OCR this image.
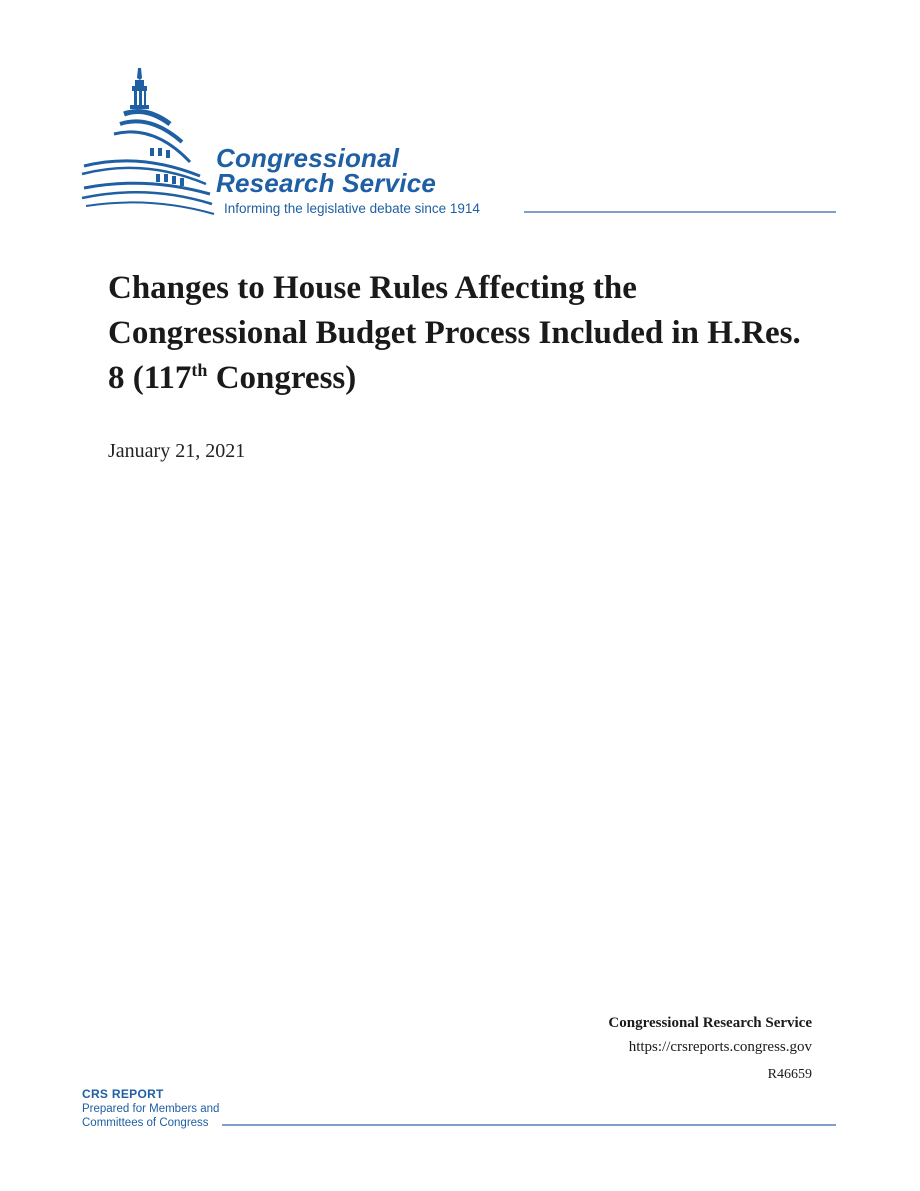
Congressional
Research Service
Informing the legislative debate since 1914
Changes to House Rules Affecting the Congressional Budget Process Included in H.Res. 8 (117th Congress)
January 21, 2021
Congressional Research Service
https://crsreports.congress.gov
R46659
CRS REPORT
Prepared for Members and
Committees of Congress
